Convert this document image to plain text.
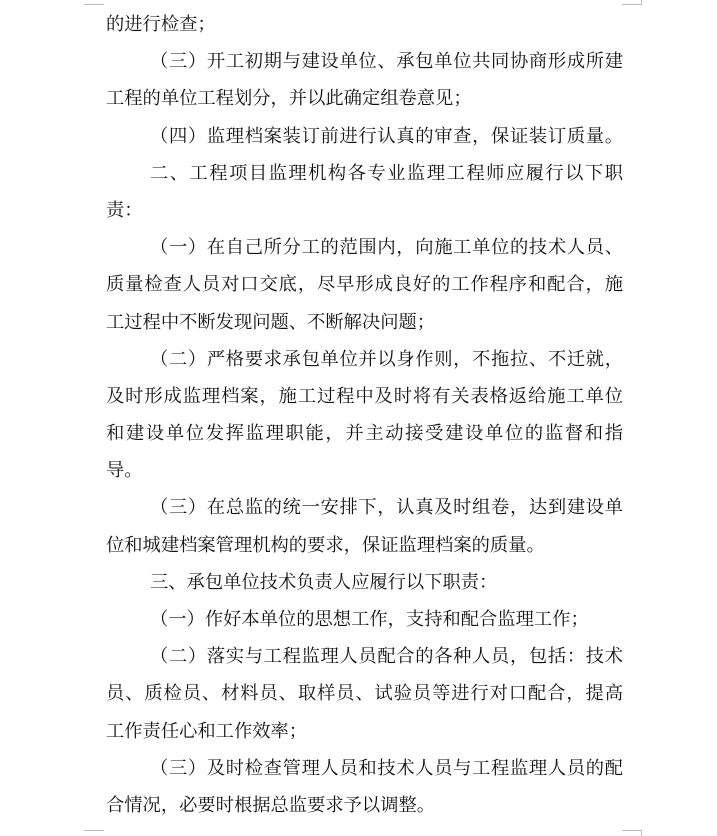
的进行检查；
（三）开工初期与建设单位、承包单位共同协商形成所建
工程的单位工程划分，并以此确定组卷意见；
（四）监理档案装订前进行认真的审查，保证装订质量。
二、工程项目监理机构各专业监理工程师应履行以下职
责：
（一）在自己所分工的范围内，向施工单位的技术人员、
质量检查人员对口交底，尽早形成良好的工作程序和配合，施
工过程中不断发现问题、不断解决问题；
（二）严格要求承包单位并以身作则，不拖拉、不迁就，
及时形成监理档案，施工过程中及时将有关表格返给施工单位
和建设单位发挥监理职能，并主动接受建设单位的监督和指
导。
（三）在总监的统一安排下，认真及时组卷，达到建设单
位和城建档案管理机构的要求，保证监理档案的质量。
三、承包单位技术负责人应履行以下职责：
（一）作好本单位的思想工作，支持和配合监理工作；
（二）落实与工程监理人员配合的各种人员，包括：技术
员、质检员、材料员、取样员、试验员等进行对口配合，提高
工作责任心和工作效率；
（三）及时检查管理人员和技术人员与工程监理人员的配
合情况，必要时根据总监要求予以调整。
